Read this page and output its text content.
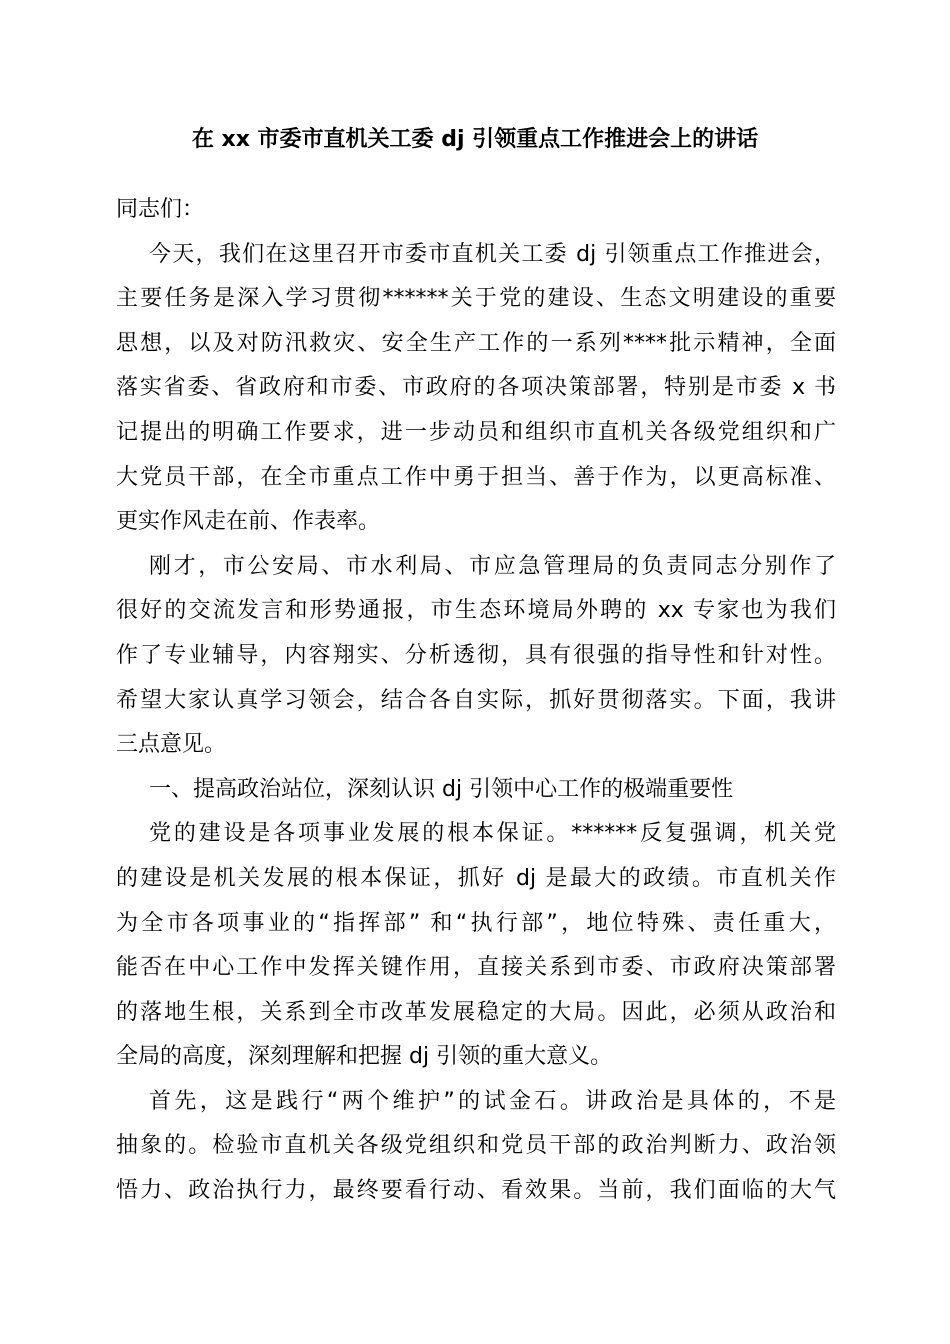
在 xx 市委市直机关工委 dj 引领重点工作推进会上的讲话
同志们：
今天，我们在这里召开市委市直机关工委 dj 引领重点工作推进会，
主要任务是深入学习贯彻******关于党的建设、生态文明建设的重要
思想，以及对防汛救灾、安全生产工作的一系列****批示精神，全面
落实省委、省政府和市委、市政府的各项决策部署，特别是市委 x 书
记提出的明确工作要求，进一步动员和组织市直机关各级党组织和广
大党员干部，在全市重点工作中勇于担当、善于作为，以更高标准、
更实作风走在前、作表率。
刚才，市公安局、市水利局、市应急管理局的负责同志分别作了
很好的交流发言和形势通报，市生态环境局外聘的 xx 专家也为我们
作了专业辅导，内容翔实、分析透彻，具有很强的指导性和针对性。
希望大家认真学习领会，结合各自实际，抓好贯彻落实。下面，我讲
三点意见。
一、提高政治站位，深刻认识 dj 引领中心工作的极端重要性
党的建设是各项事业发展的根本保证。******反复强调，机关党
的建设是机关发展的根本保证，抓好 dj 是最大的政绩。市直机关作
为全市各项事业的“指挥部” 和“执行部”，地位特殊、责任重大，
能否在中心工作中发挥关键作用，直接关系到市委、市政府决策部署
的落地生根，关系到全市改革发展稳定的大局。因此，必须从政治和
全局的高度，深刻理解和把握 dj 引领的重大意义。
首先，这是践行“两个维护”的试金石。讲政治是具体的，不是
抽象的。检验市直机关各级党组织和党员干部的政治判断力、政治领
悟力、政治执行力，最终要看行动、看效果。当前，我们面临的大气
